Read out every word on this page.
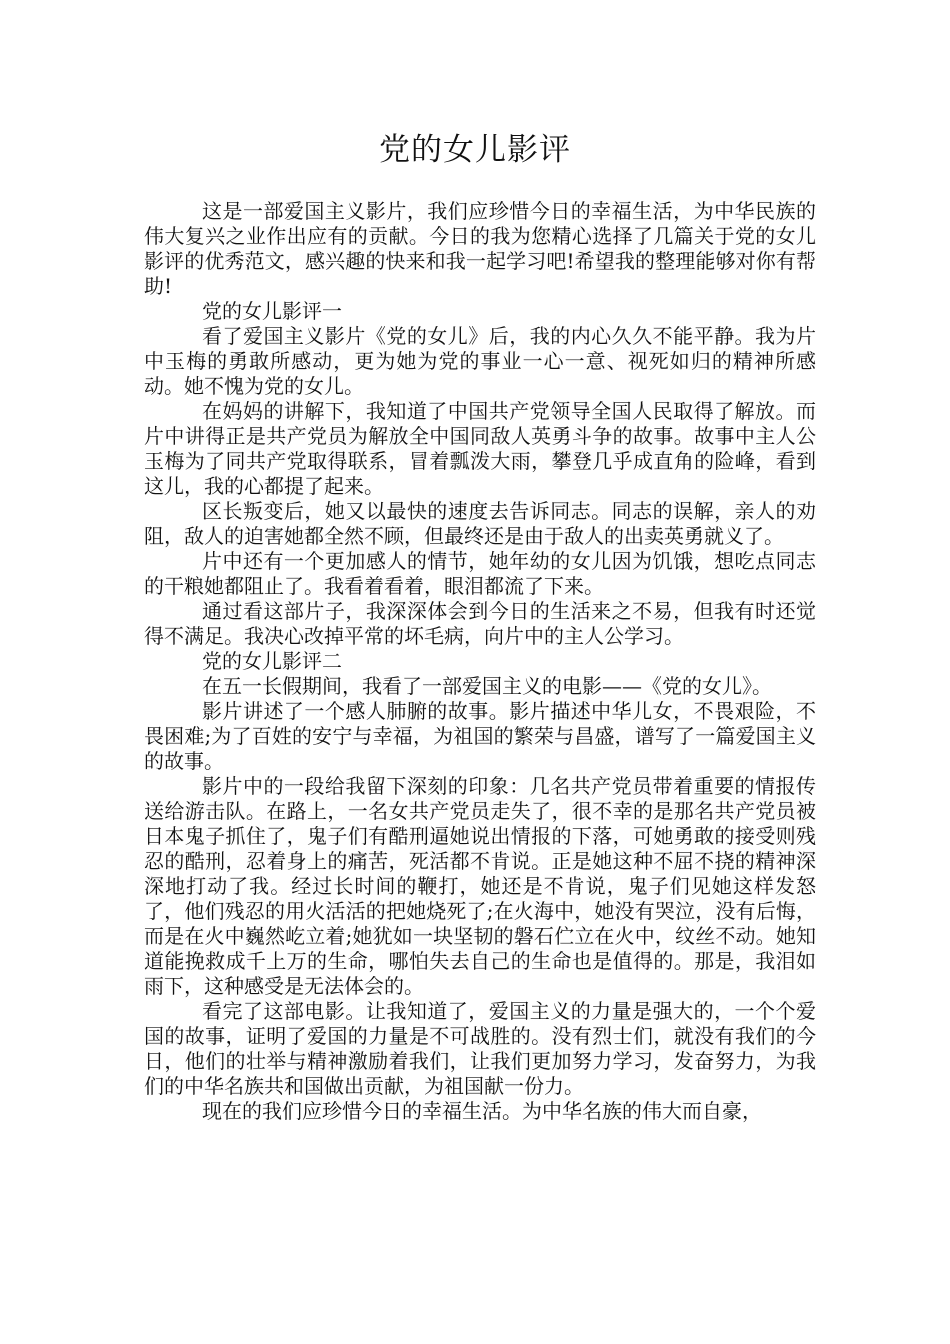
党的女儿影评

这是一部爱国主义影片，我们应珍惜今日的幸福生活，为中华民族的伟大复兴之业作出应有的贡献。今日的我为您精心选择了几篇关于党的女儿影评的优秀范文，感兴趣的快来和我一起学习吧!希望我的整理能够对你有帮助!

党的女儿影评一

看了爱国主义影片《党的女儿》后，我的内心久久不能平静。我为片中玉梅的勇敢所感动，更为她为党的事业一心一意、视死如归的精神所感动。她不愧为党的女儿。

在妈妈的讲解下，我知道了中国共产党领导全国人民取得了解放。而片中讲得正是共产党员为解放全中国同敌人英勇斗争的故事。故事中主人公玉梅为了同共产党取得联系，冒着瓢泼大雨，攀登几乎成直角的险峰，看到这儿，我的心都提了起来。

区长叛变后，她又以最快的速度去告诉同志。同志的误解，亲人的劝阻，敌人的迫害她都全然不顾，但最终还是由于敌人的出卖英勇就义了。

片中还有一个更加感人的情节，她年幼的女儿因为饥饿，想吃点同志的干粮她都阻止了。我看着看着，眼泪都流了下来。

通过看这部片子，我深深体会到今日的生活来之不易，但我有时还觉得不满足。我决心改掉平常的坏毛病，向片中的主人公学习。

党的女儿影评二

在五一长假期间，我看了一部爱国主义的电影——《党的女儿》。

影片讲述了一个感人肺腑的故事。影片描述中华儿女，不畏艰险，不畏困难;为了百姓的安宁与幸福，为祖国的繁荣与昌盛，谱写了一篇爱国主义的故事。

影片中的一段给我留下深刻的印象：几名共产党员带着重要的情报传送给游击队。在路上，一名女共产党员走失了，很不幸的是那名共产党员被日本鬼子抓住了，鬼子们有酷刑逼她说出情报的下落，可她勇敢的接受则残忍的酷刑，忍着身上的痛苦，死活都不肯说。正是她这种不屈不挠的精神深深地打动了我。经过长时间的鞭打，她还是不肯说，鬼子们见她这样发怒了，他们残忍的用火活活的把她烧死了;在火海中，她没有哭泣，没有后悔，而是在火中巍然屹立着;她犹如一块坚韧的磐石伫立在火中，纹丝不动。她知道能挽救成千上万的生命，哪怕失去自己的生命也是值得的。那是，我泪如雨下，这种感受是无法体会的。

看完了这部电影。让我知道了，爱国主义的力量是强大的，一个个爱国的故事，证明了爱国的力量是不可战胜的。没有烈士们，就没有我们的今日，他们的壮举与精神激励着我们，让我们更加努力学习，发奋努力，为我们的中华名族共和国做出贡献，为祖国献一份力。

现在的我们应珍惜今日的幸福生活。为中华名族的伟大而自豪，
